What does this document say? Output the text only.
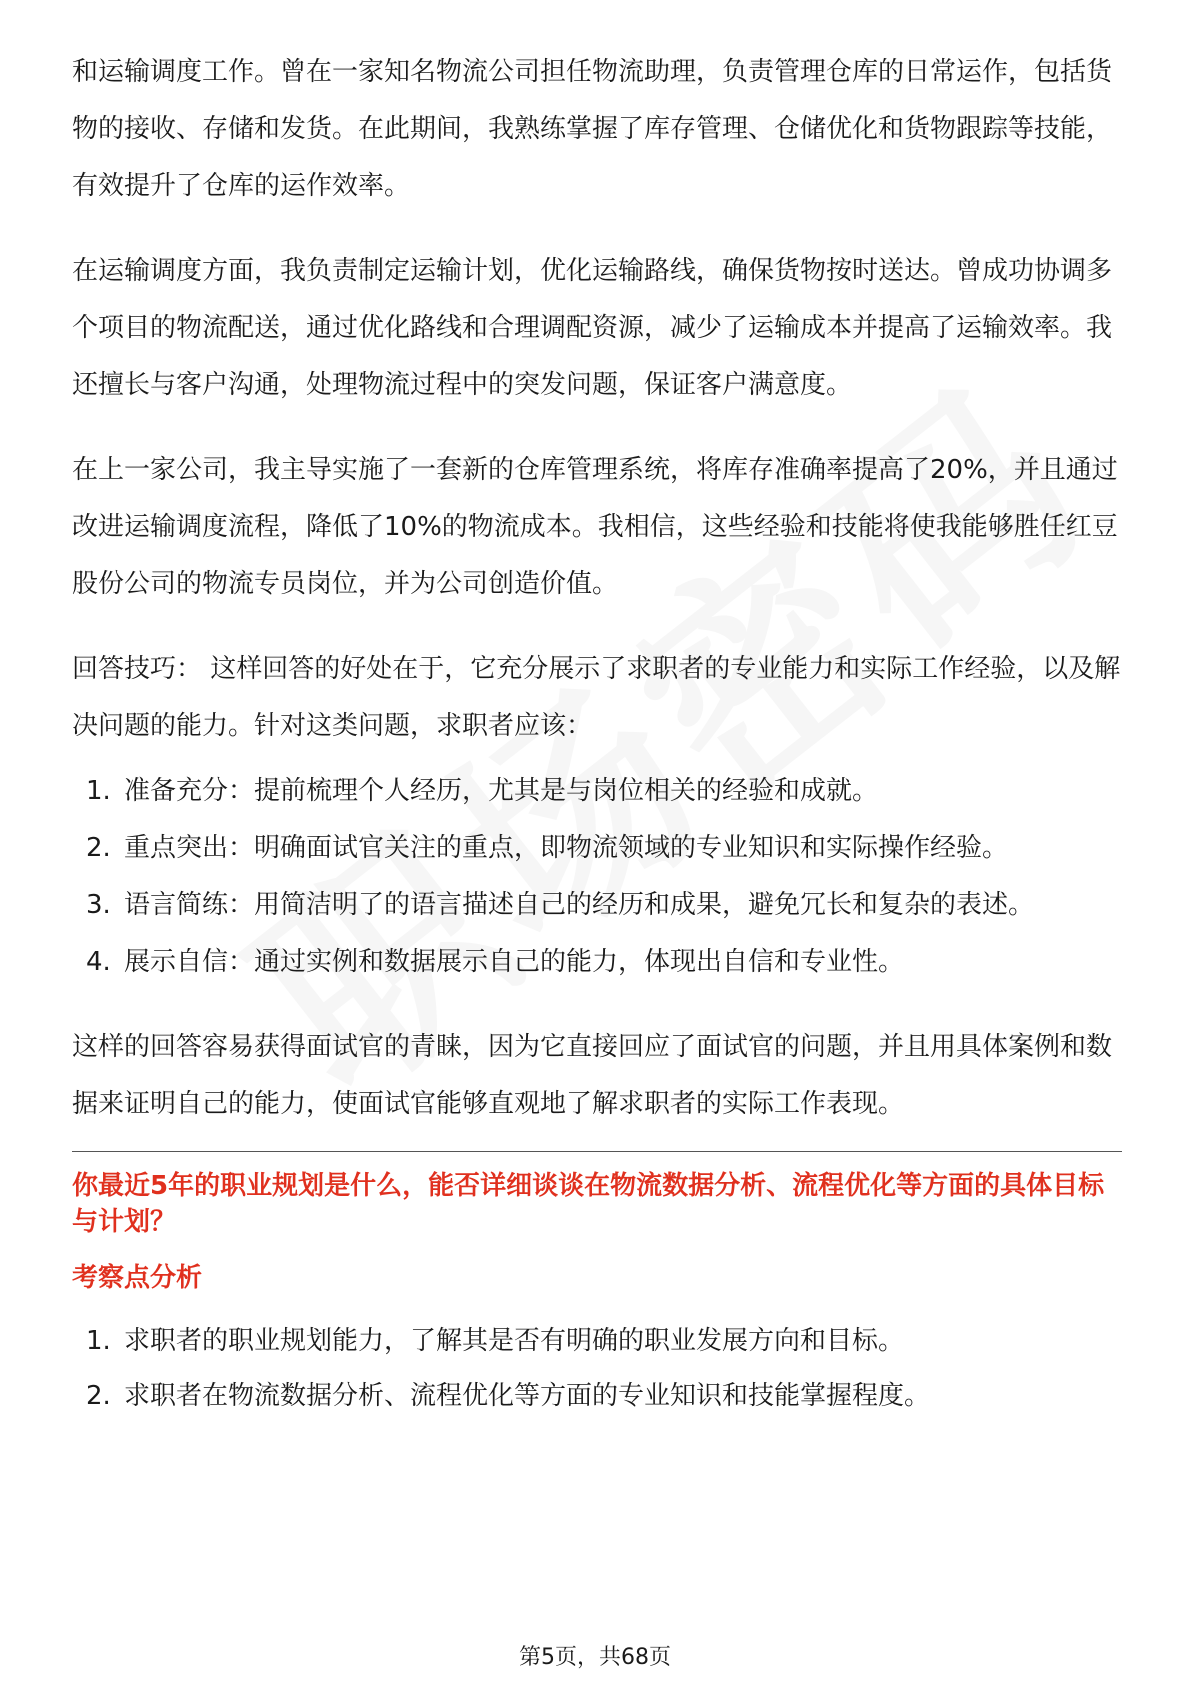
和运输调度工作。曾在一家知名物流公司担任物流助理，负责管理仓库的日常运作，包括货物的接收、存储和发货。在此期间，我熟练掌握了库存管理、仓储优化和货物跟踪等技能，有效提升了仓库的运作效率。

在运输调度方面，我负责制定运输计划，优化运输路线，确保货物按时送达。曾成功协调多个项目的物流配送，通过优化路线和合理调配资源，减少了运输成本并提高了运输效率。我还擅长与客户沟通，处理物流过程中的突发问题，保证客户满意度。

在上一家公司，我主导实施了一套新的仓库管理系统，将库存准确率提高了20%，并且通过改进运输调度流程，降低了10%的物流成本。我相信，这些经验和技能将使我能够胜任红豆股份公司的物流专员岗位，并为公司创造价值。

回答技巧： 这样回答的好处在于，它充分展示了求职者的专业能力和实际工作经验，以及解决问题的能力。针对这类问题，求职者应该：

1. 准备充分：提前梳理个人经历，尤其是与岗位相关的经验和成就。
2. 重点突出：明确面试官关注的重点，即物流领域的专业知识和实际操作经验。
3. 语言简练：用简洁明了的语言描述自己的经历和成果，避免冗长和复杂的表述。
4. 展示自信：通过实例和数据展示自己的能力，体现出自信和专业性。

这样的回答容易获得面试官的青睐，因为它直接回应了面试官的问题，并且用具体案例和数据来证明自己的能力，使面试官能够直观地了解求职者的实际工作表现。

你最近5年的职业规划是什么，能否详细谈谈在物流数据分析、流程优化等方面的具体目标与计划？
考察点分析
1. 求职者的职业规划能力，了解其是否有明确的职业发展方向和目标。
2. 求职者在物流数据分析、流程优化等方面的专业知识和技能掌握程度。
第5页，共68页
